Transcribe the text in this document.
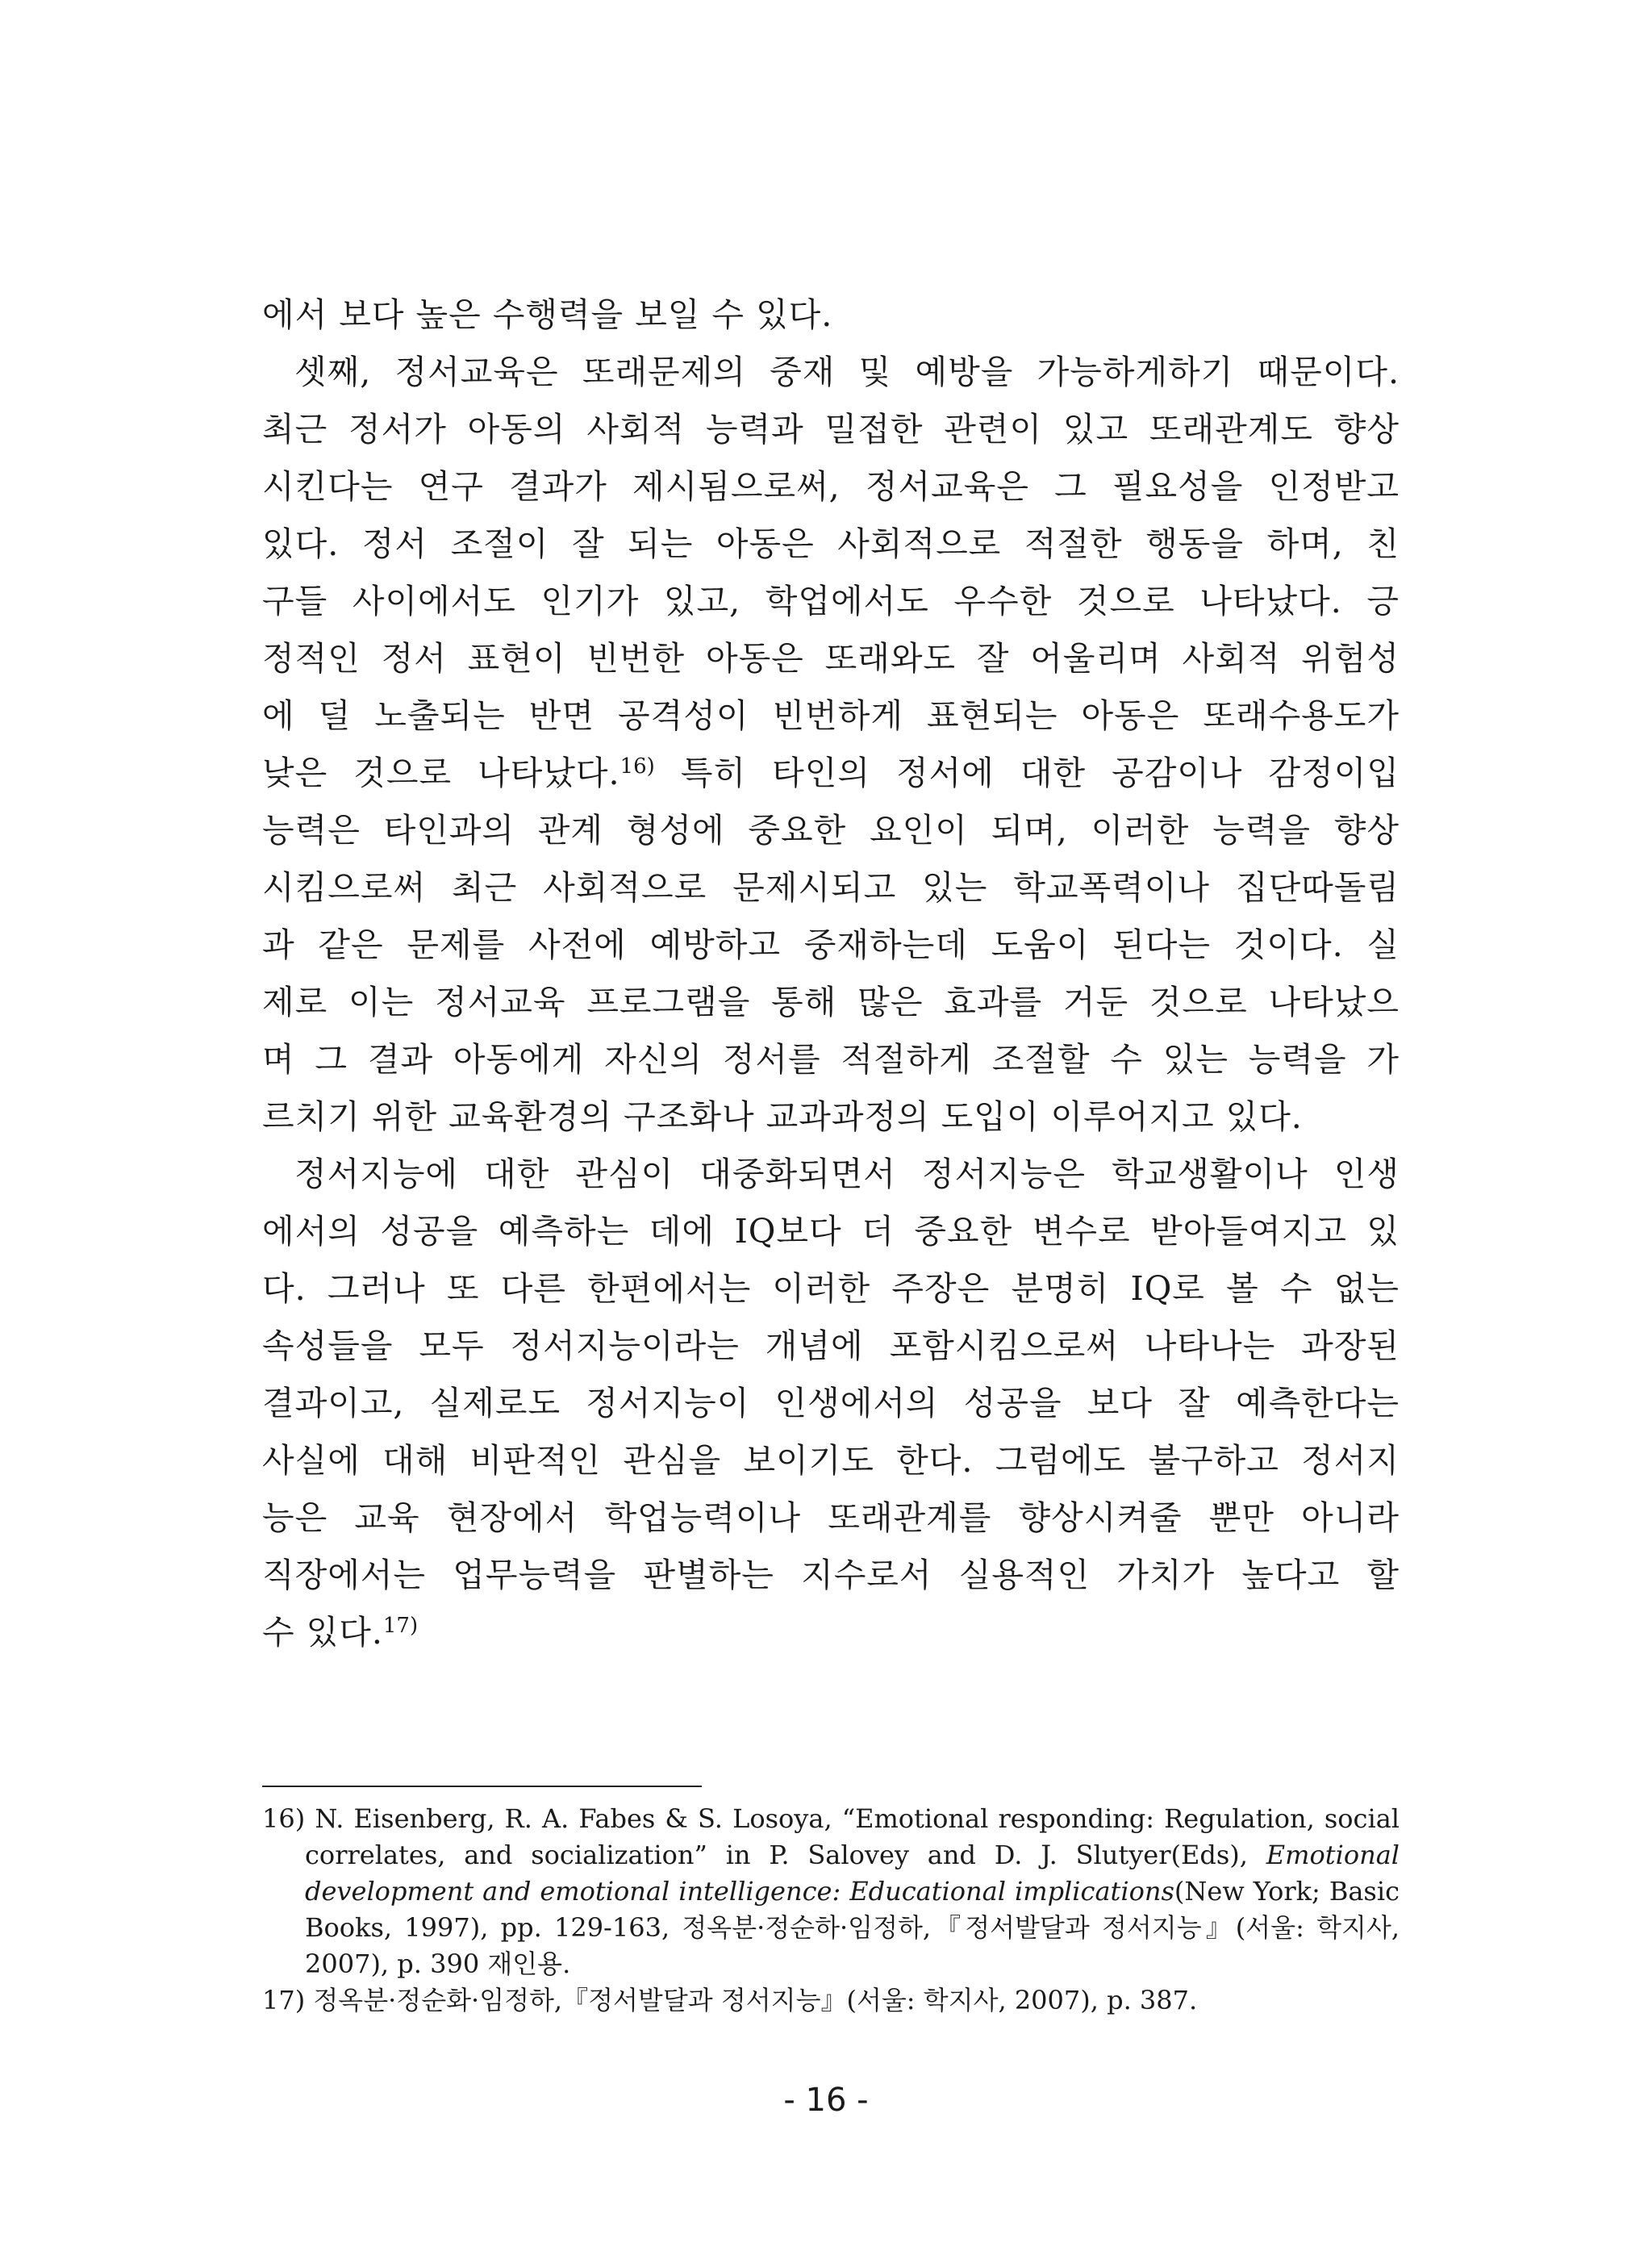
에서 보다 높은 수행력을 보일 수 있다.
셋째, 정서교육은 또래문제의 중재 및 예방을 가능하게하기 때문이다.
최근 정서가 아동의 사회적 능력과 밀접한 관련이 있고 또래관계도 향상
시킨다는 연구 결과가 제시됨으로써, 정서교육은 그 필요성을 인정받고
있다. 정서 조절이 잘 되는 아동은 사회적으로 적절한 행동을 하며, 친
구들 사이에서도 인기가 있고, 학업에서도 우수한 것으로 나타났다. 긍
정적인 정서 표현이 빈번한 아동은 또래와도 잘 어울리며 사회적 위험성
에 덜 노출되는 반면 공격성이 빈번하게 표현되는 아동은 또래수용도가
낮은 것으로 나타났다.$^{16)}$ 특히 타인의 정서에 대한 공감이나 감정이입
능력은 타인과의 관계 형성에 중요한 요인이 되며, 이러한 능력을 향상
시킴으로써 최근 사회적으로 문제시되고 있는 학교폭력이나 집단따돌림
과 같은 문제를 사전에 예방하고 중재하는데 도움이 된다는 것이다. 실
제로 이는 정서교육 프로그램을 통해 많은 효과를 거둔 것으로 나타났으
며 그 결과 아동에게 자신의 정서를 적절하게 조절할 수 있는 능력을 가
르치기 위한 교육환경의 구조화나 교과과정의 도입이 이루어지고 있다.
정서지능에 대한 관심이 대중화되면서 정서지능은 학교생활이나 인생
에서의 성공을 예측하는 데에 IQ보다 더 중요한 변수로 받아들여지고 있
다. 그러나 또 다른 한편에서는 이러한 주장은 분명히 IQ로 볼 수 없는
속성들을 모두 정서지능이라는 개념에 포함시킴으로써 나타나는 과장된
결과이고, 실제로도 정서지능이 인생에서의 성공을 보다 잘 예측한다는
사실에 대해 비판적인 관심을 보이기도 한다. 그럼에도 불구하고 정서지
능은 교육 현장에서 학업능력이나 또래관계를 향상시켜줄 뿐만 아니라
직장에서는 업무능력을 판별하는 지수로서 실용적인 가치가 높다고 할
수 있다.$^{17)}$
16) N. Eisenberg, R. A. Fabes & S. Losoya, “Emotional responding: Regulation, social
correlates, and socialization” in P. Salovey and D. J. Slutyer(Eds), Emotional
development and emotional intelligence: Educational implications(New York; Basic
Books, 1997), pp. 129-163, 정옥분·정순하·임정하,『정서발달과 정서지능』(서울: 학지사,
2007), p. 390 재인용.
17) 정옥분·정순화·임정하,『정서발달과 정서지능』(서울: 학지사, 2007), p. 387.
- 16 -
